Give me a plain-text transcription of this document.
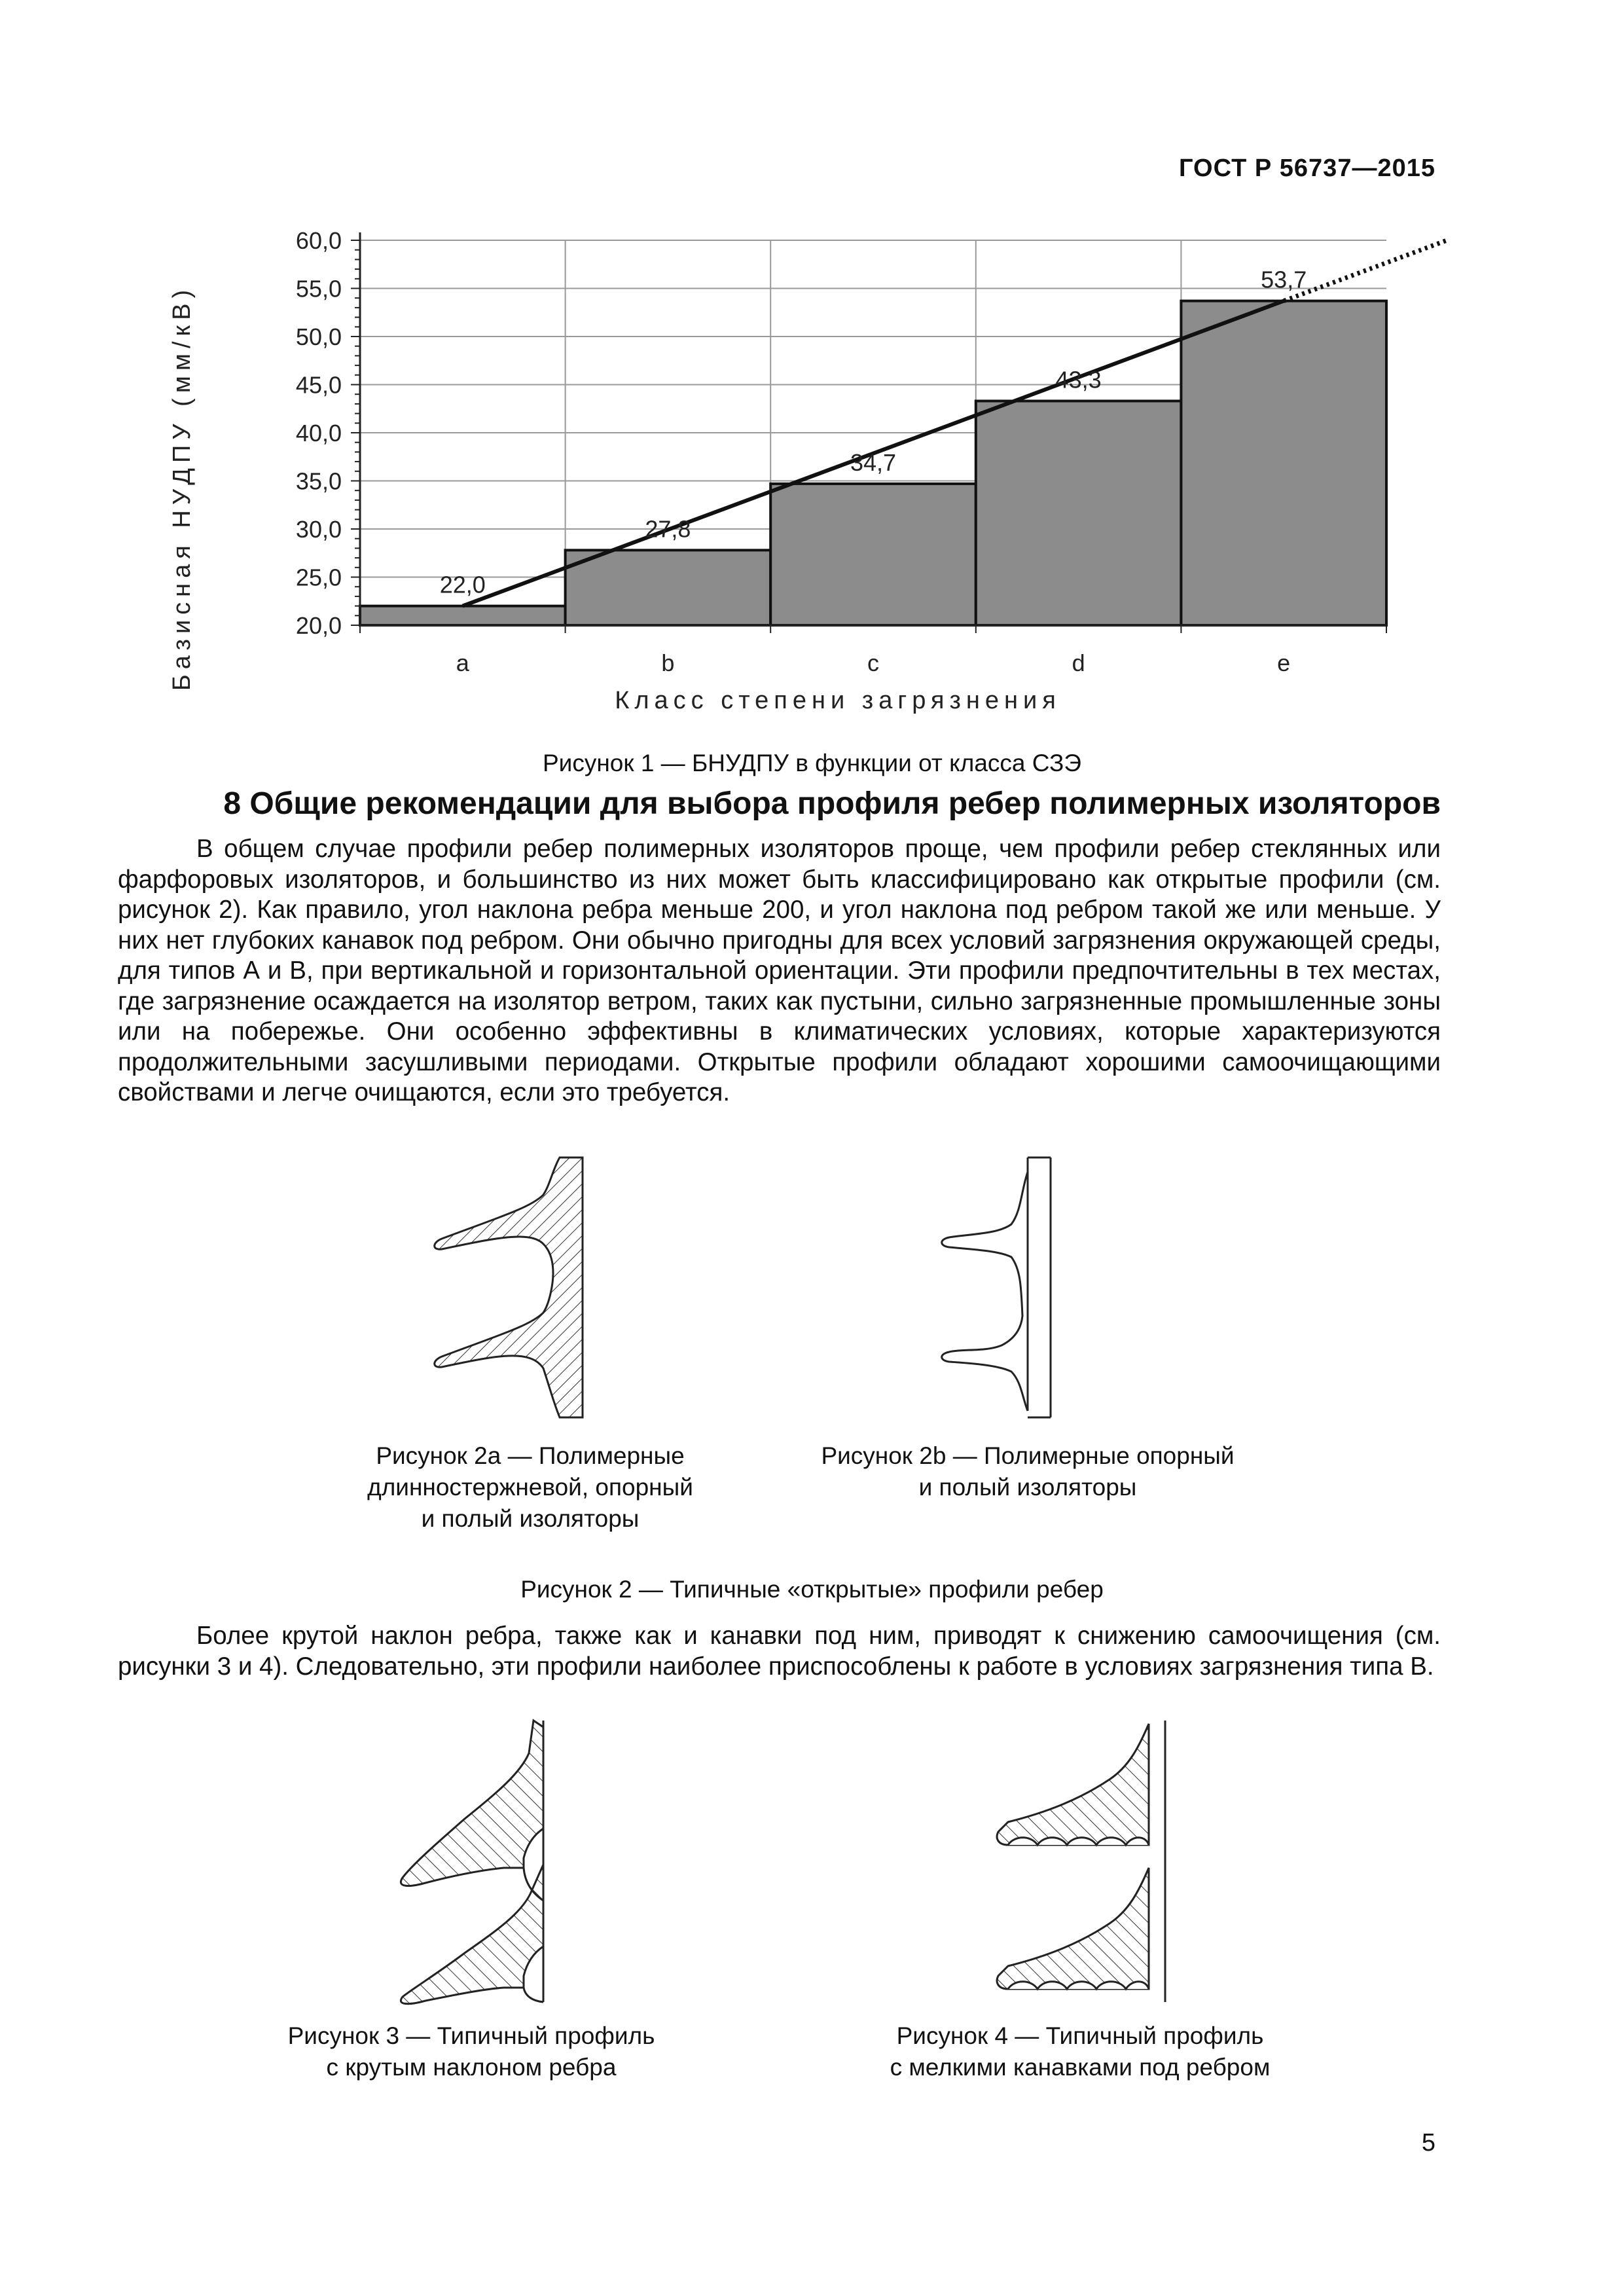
ГОСТ Р 56737—2015
20,0
25,0
30,0
35,0
40,0
45,0
50,0
55,0
60,0
a	b	c	d	e
22,0
27,8
34,7
43,3
53,7
Базисная НУДПУ (мм/кВ)
Класс степени загрязнения
Рисунок 1 — БНУДПУ в функции от класса СЗЭ
8 Общие рекомендации для выбора профиля ребер полимерных изоляторов

В общем случае профили ребер полимерных изоляторов проще, чем профили ребер стеклянных или фарфоровых изоляторов, и большинство из них может быть классифицировано как открытые профили (см. рисунок 2). Как правило, угол наклона ребра меньше 200, и угол наклона под ребром такой же или меньше. У них нет глубоких канавок под ребром. Они обычно пригодны для всех условий загрязнения окружающей среды, для типов А и В, при вертикальной и горизонтальной ориентации. Эти профили предпочтительны в тех местах, где загрязнение осаждается на изолятор ветром, таких как пустыни, сильно загрязненные промышленные зоны или на побережье. Они особенно эффективны в климатических условиях, которые характеризуются продолжительными засушливыми периодами. Открытые профили обладают хорошими самоочищающими свойствами и легче очищаются, если это требуется.

Рисунок 2а — Полимерные
длинностержневой, опорный
и полый изоляторы
Рисунок 2b — Полимерные опорный
и полый изоляторы
Рисунок 2 — Типичные «открытые» профили ребер

Более крутой наклон ребра, также как и канавки под ним, приводят к снижению самоочищения (см. рисунки 3 и 4). Следовательно, эти профили наиболее приспособлены к работе в условиях загрязнения типа В.

Рисунок 3 — Типичный профиль
с крутым наклоном ребра
Рисунок 4 — Типичный профиль
с мелкими канавками под ребром
5
